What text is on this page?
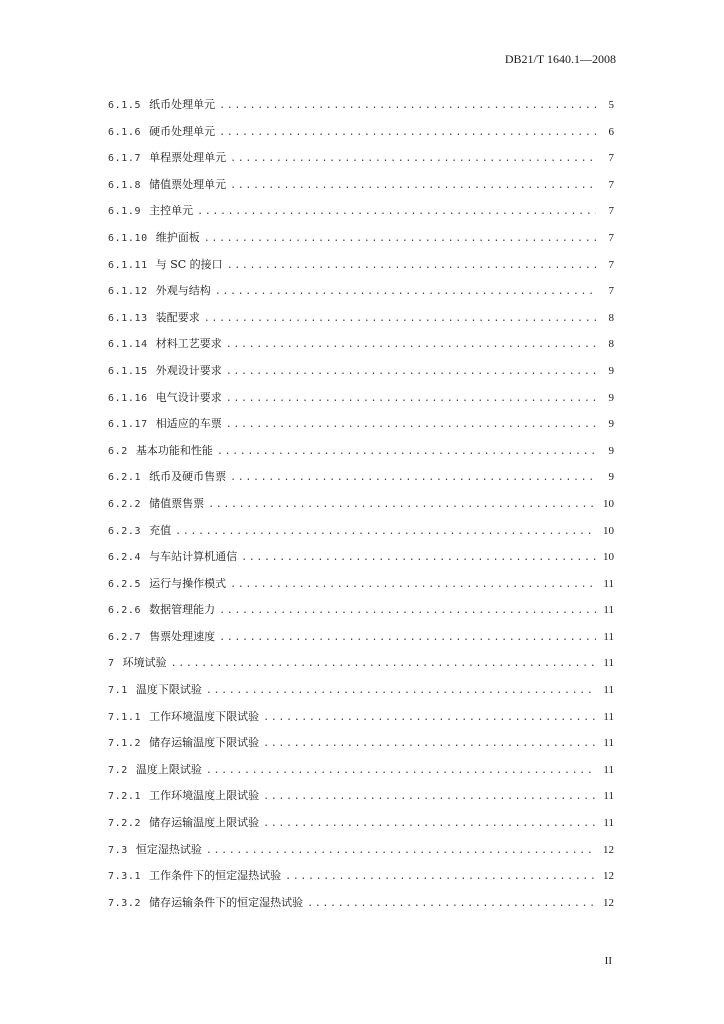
DB21/T 1640.1—2008
6.1.5 纸币处理单元 .....	5
6.1.6 硬币处理单元 .....	6
6.1.7 单程票处理单元 .....	7
6.1.8 储值票处理单元 .....	7
6.1.9 主控单元 .....	7
6.1.10 维护面板 .....	7
6.1.11 与 SC 的接口 .....	7
6.1.12 外观与结构 .....	7
6.1.13 装配要求 .....	8
6.1.14 材料工艺要求 .....	8
6.1.15 外观设计要求 .....	9
6.1.16 电气设计要求 .....	9
6.1.17 相适应的车票 .....	9
6.2 基本功能和性能 .....	9
6.2.1 纸币及硬币售票 .....	9
6.2.2 储值票售票 .....	10
6.2.3 充值 .....	10
6.2.4 与车站计算机通信 .....	10
6.2.5 运行与操作模式 .....	11
6.2.6 数据管理能力 .....	11
6.2.7 售票处理速度 .....	11
7 环境试验 .....	11
7.1 温度下限试验 .....	11
7.1.1 工作环境温度下限试验 .....	11
7.1.2 储存运输温度下限试验 .....	11
7.2 温度上限试验 .....	11
7.2.1 工作环境温度上限试验 .....	11
7.2.2 储存运输温度上限试验 .....	11
7.3 恒定湿热试验 .....	12
7.3.1 工作条件下的恒定湿热试验 .....	12
7.3.2 储存运输条件下的恒定湿热试验 .....	12
II
